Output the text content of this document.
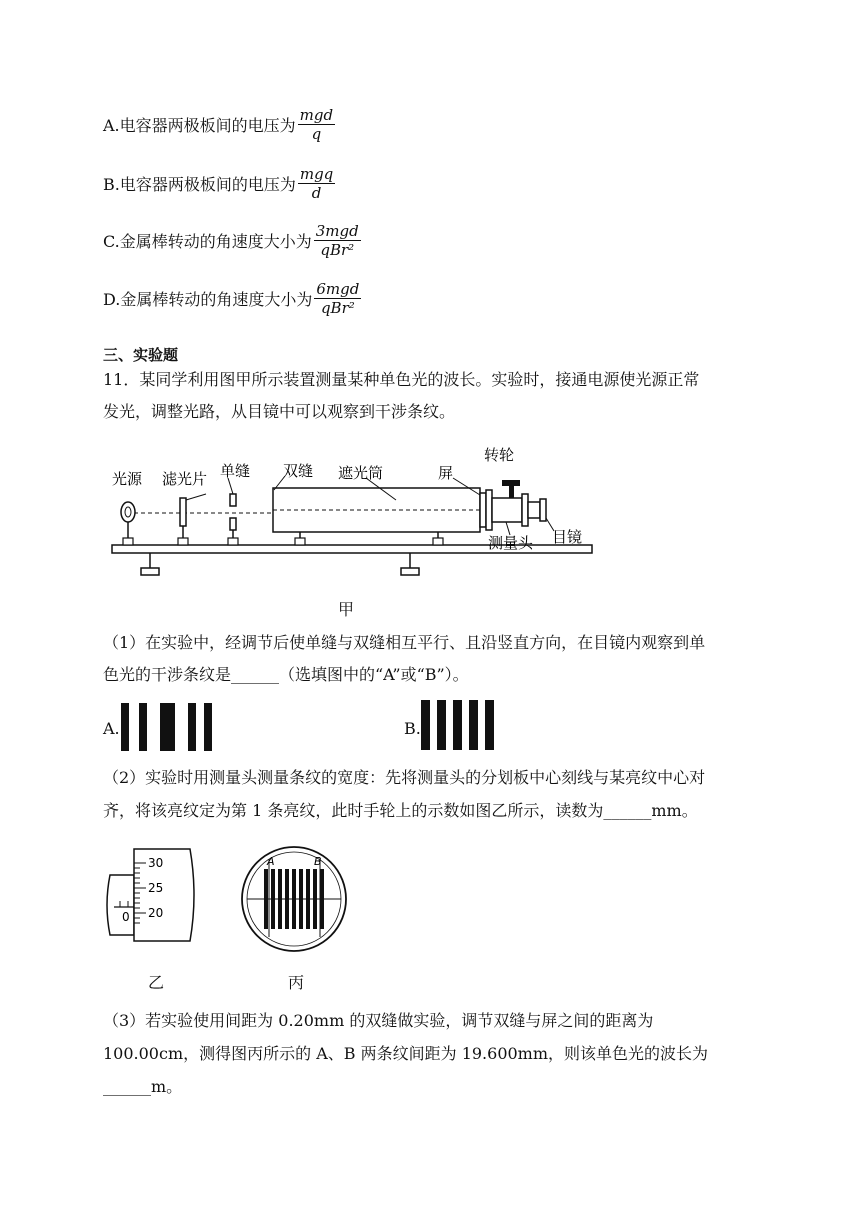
A.电容器两极板间的电压为 $\frac{\text{mgd}}{q}$
B.电容器两极板间的电压为 $\frac{\text{mgq}}{d}$
C.金属棒转动的角速度大小为 $\frac{\text{3mgd}}{\text{qBr²}}$
D.金属棒转动的角速度大小为 $\frac{\text{6mgd}}{\text{qBr²}}$
三、实验题
11．某同学利用图甲所示装置测量某种单色光的波长。实验时，接通电源使光源正常
发光，调整光路，从目镜中可以观察到干涉条纹。
光源 滤光片 单缝 双缝 遮光筒	屏
转轮
目镜
测量头
甲
（1）在实验中，经调节后使单缝与双缝相互平行、且沿竖直方向，在目镜内观察到单
色光的干涉条纹是______（选填图中的“A”或“B”）。
A.	B.
（2）实验时用测量头测量条纹的宽度：先将测量头的分划板中心刻线与某亮纹中心对
齐，将该亮纹定为第 1 条亮纹，此时手轮上的示数如图乙所示，读数为______mm。
0
30
25
20
乙
A	B
丙
（3）若实验使用间距为 0.20mm 的双缝做实验，调节双缝与屏之间的距离为
100.00cm，测得图丙所示的 A、B 两条纹间距为 19.600mm，则该单色光的波长为
______m。
